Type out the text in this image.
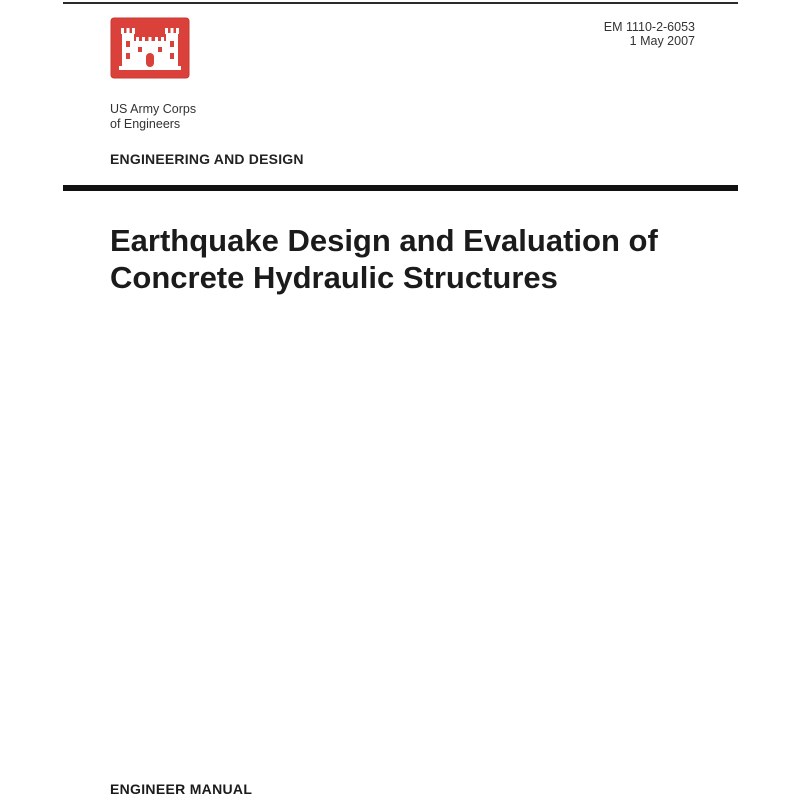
EM 1110-2-6053
1 May 2007
US Army Corps
of Engineers
ENGINEERING AND DESIGN
Earthquake Design and Evaluation of
Concrete Hydraulic Structures
ENGINEER MANUAL
